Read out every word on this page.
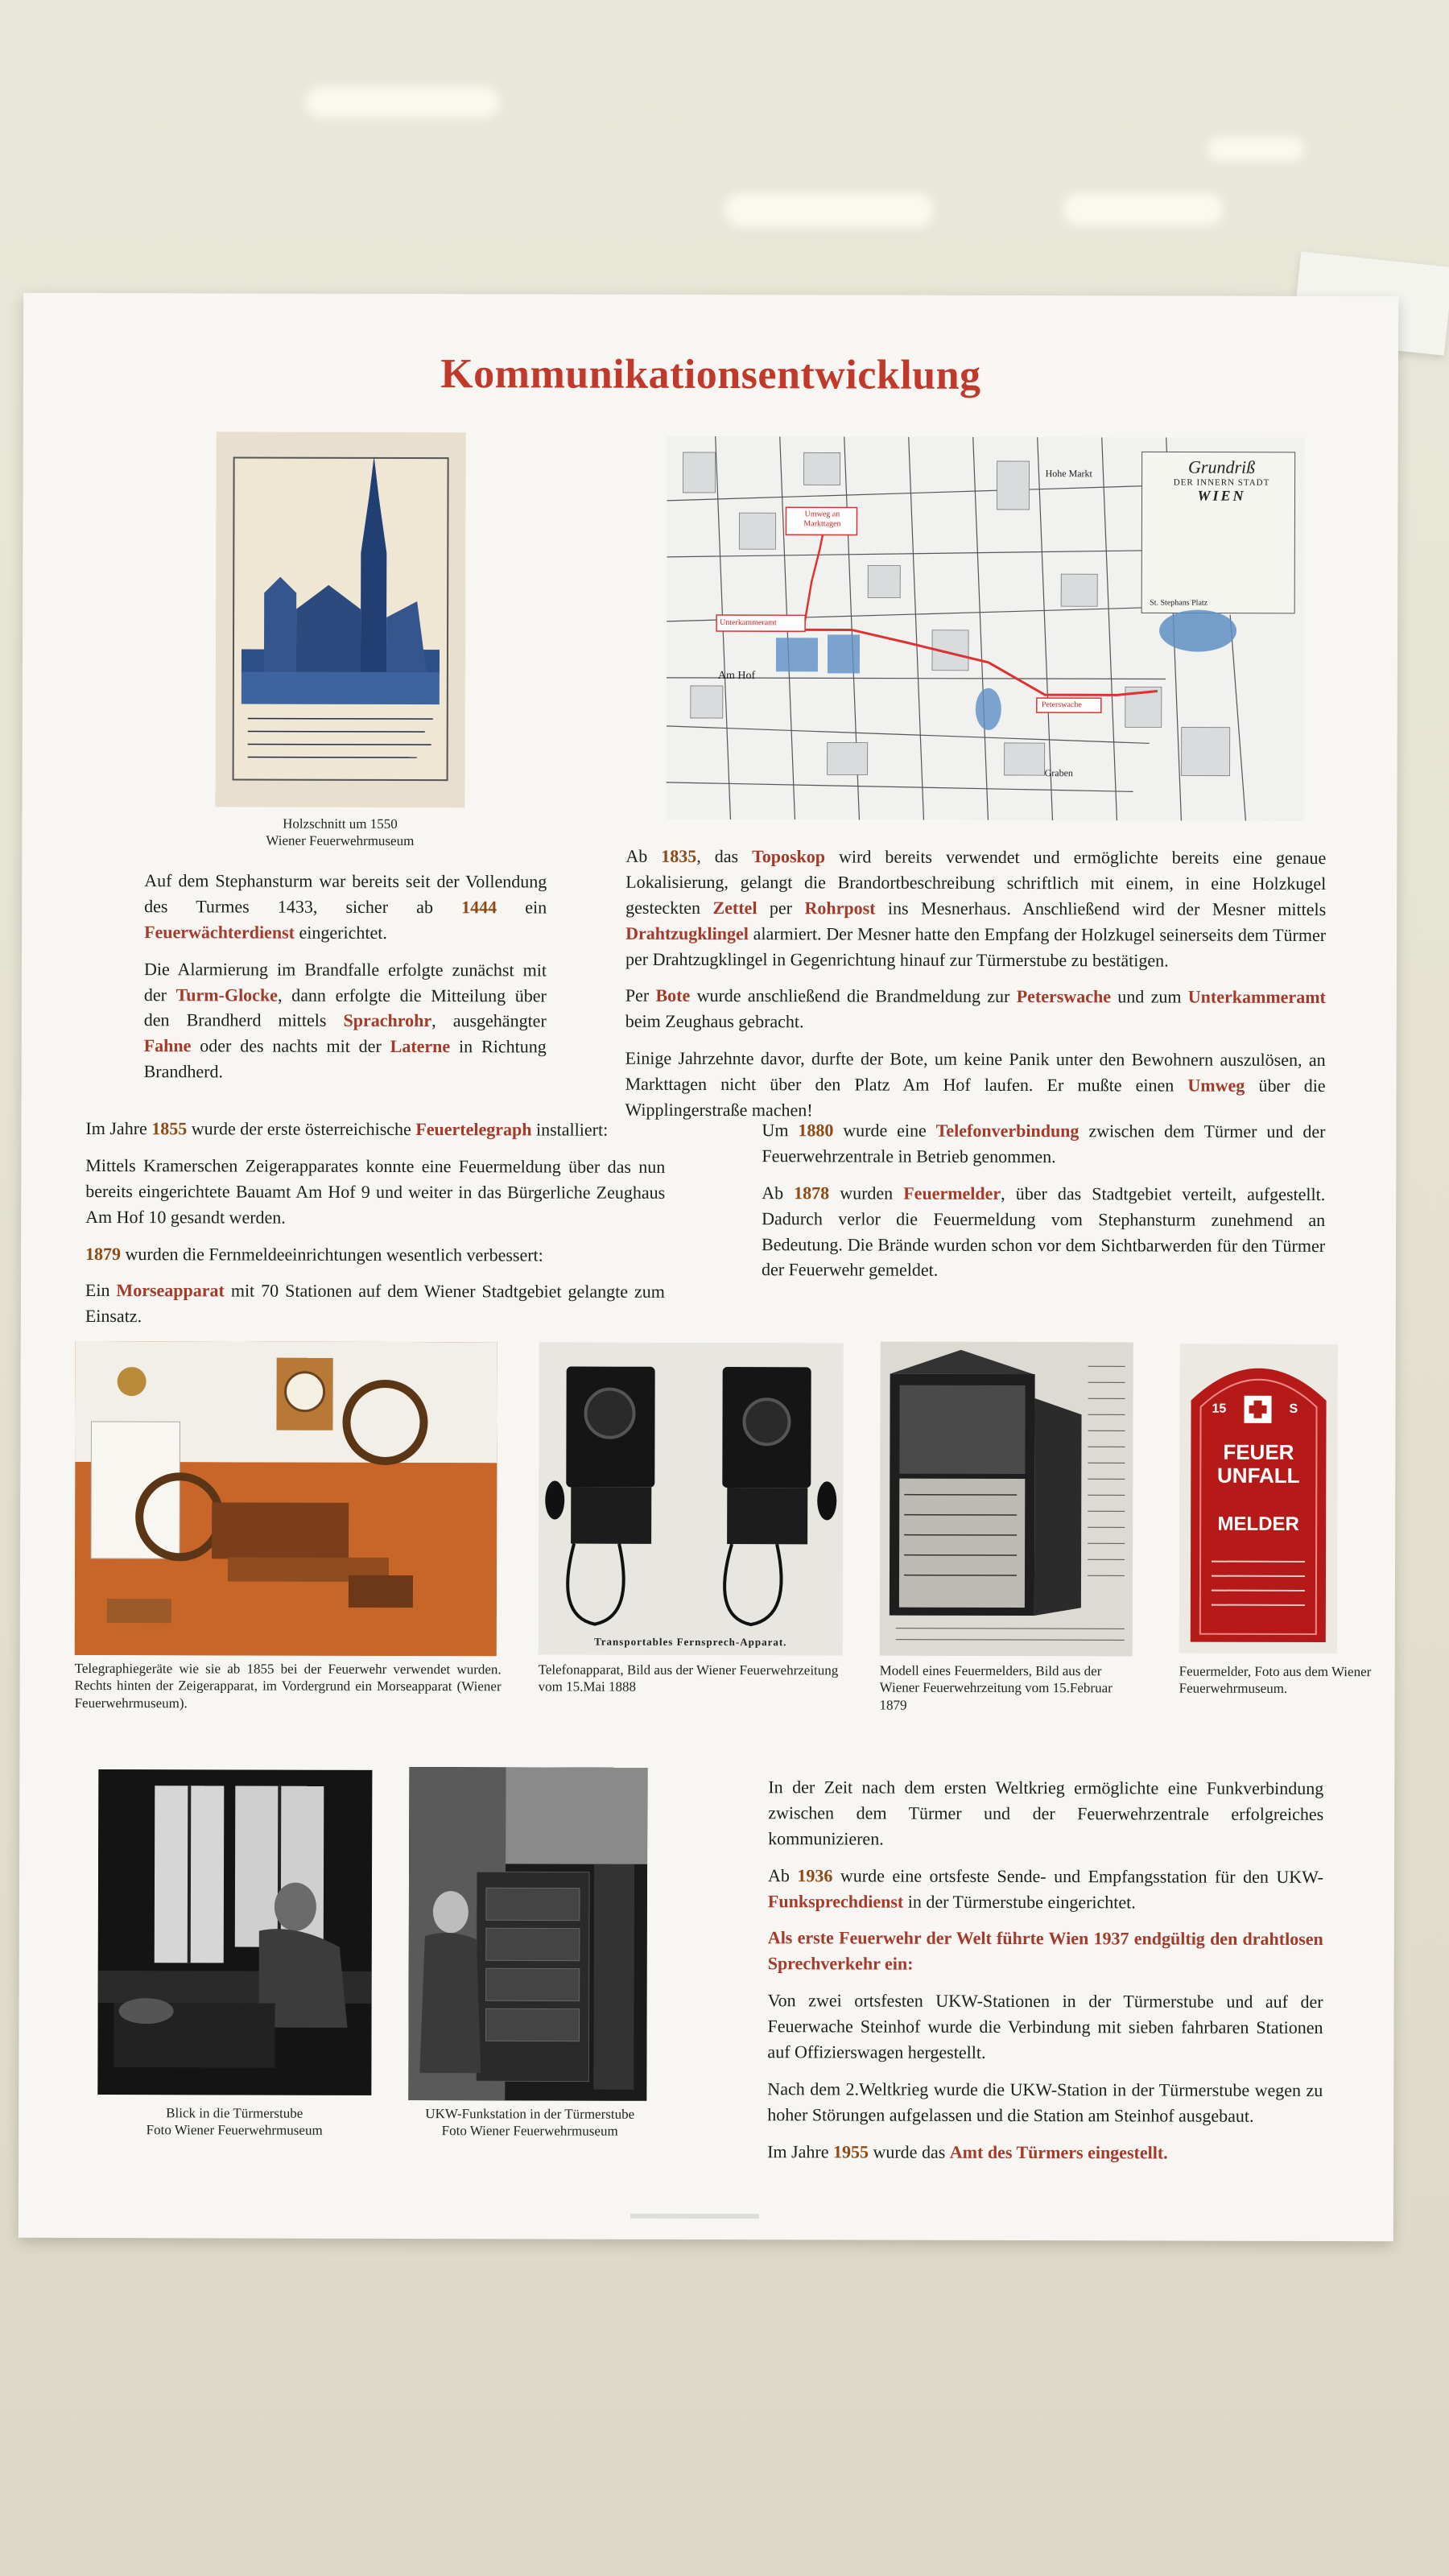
Kommunikationsentwicklung
Holzschnitt um 1550
Wiener Feuerwehrmuseum
Grundriß
DER INNERN STADT
WIEN
Umweg an Markttagen
Unterkammeramt
Am Hof
Peterswache
St. Stephans Platz
Hohe Markt
Graben

Auf dem Stephansturm war bereits seit der Vollendung des Turmes 1433, sicher ab 1444 ein Feuerwächterdienst eingerichtet.

Die Alarmierung im Brandfalle erfolgte zunächst mit der Turm-Glocke, dann erfolgte die Mitteilung über den Brandherd mittels Sprachrohr, ausgehängter Fahne oder des nachts mit der Laterne in Richtung Brandherd.

Ab 1835, das Toposkop wird bereits verwendet und ermöglichte bereits eine genaue Lokalisierung, gelangt die Brandortbeschreibung schriftlich mit einem, in eine Holzkugel gesteckten Zettel per Rohrpost ins Mesnerhaus. Anschließend wird der Mesner mittels Drahtzugklingel alarmiert. Der Mesner hatte den Empfang der Holzkugel seinerseits dem Türmer per Drahtzugklingel in Gegenrichtung hinauf zur Türmerstube zu bestätigen.

Per Bote wurde anschließend die Brandmeldung zur Peterswache und zum Unterkammeramt beim Zeughaus gebracht.

Einige Jahrzehnte davor, durfte der Bote, um keine Panik unter den Bewohnern auszulösen, an Markttagen nicht über den Platz Am Hof laufen. Er mußte einen Umweg über die Wipplingerstraße machen!

Im Jahre 1855 wurde der erste österreichische Feuertelegraph installiert:

Mittels Kramerschen Zeigerapparates konnte eine Feuermeldung über das nun bereits eingerichtete Bauamt Am Hof 9 und weiter in das Bürgerliche Zeughaus Am Hof 10 gesandt werden.

1879 wurden die Fernmeldeeinrichtungen wesentlich verbessert:

Ein Morseapparat mit 70 Stationen auf dem Wiener Stadtgebiet gelangte zum Einsatz.

Um 1880 wurde eine Telefonverbindung zwischen dem Türmer und der Feuerwehrzentrale in Betrieb genommen.

Ab 1878 wurden Feuermelder, über das Stadtgebiet verteilt, aufgestellt. Dadurch verlor die Feuermeldung vom Stephansturm zunehmend an Bedeutung. Die Brände wurden schon vor dem Sichtbarwerden für den Türmer der Feuerwehr gemeldet.

Telegraphiegeräte wie sie ab 1855 bei der Feuerwehr verwendet wurden. Rechts hinten der Zeigerapparat, im Vordergrund ein Morseapparat (Wiener Feuerwehrmuseum).
Transportables Fernsprech-Apparat.
Telefonapparat, Bild aus der Wiener Feuerwehrzeitung vom 15.Mai 1888
Modell eines Feuermelders, Bild aus der Wiener Feuerwehrzeitung vom 15.Februar 1879
15	S
FEUER
UNFALL
MELDER
Feuermelder, Foto aus dem Wiener Feuerwehrmuseum.
Blick in die Türmerstube
Foto Wiener Feuerwehrmuseum
UKW-Funkstation in der Türmerstube
Foto Wiener Feuerwehrmuseum

In der Zeit nach dem ersten Weltkrieg ermöglichte eine Funkverbindung zwischen dem Türmer und der Feuerwehrzentrale erfolgreiches kommunizieren.

Ab 1936 wurde eine ortsfeste Sende- und Empfangsstation für den UKW-Funksprechdienst in der Türmerstube eingerichtet.

Als erste Feuerwehr der Welt führte Wien 1937 endgültig den drahtlosen Sprechverkehr ein:

Von zwei ortsfesten UKW-Stationen in der Türmerstube und auf der Feuerwache Steinhof wurde die Verbindung mit sieben fahrbaren Stationen auf Offizierswagen hergestellt.

Nach dem 2.Weltkrieg wurde die UKW-Station in der Türmerstube wegen zu hoher Störungen aufgelassen und die Station am Steinhof ausgebaut.

Im Jahre 1955 wurde das Amt des Türmers eingestellt.
